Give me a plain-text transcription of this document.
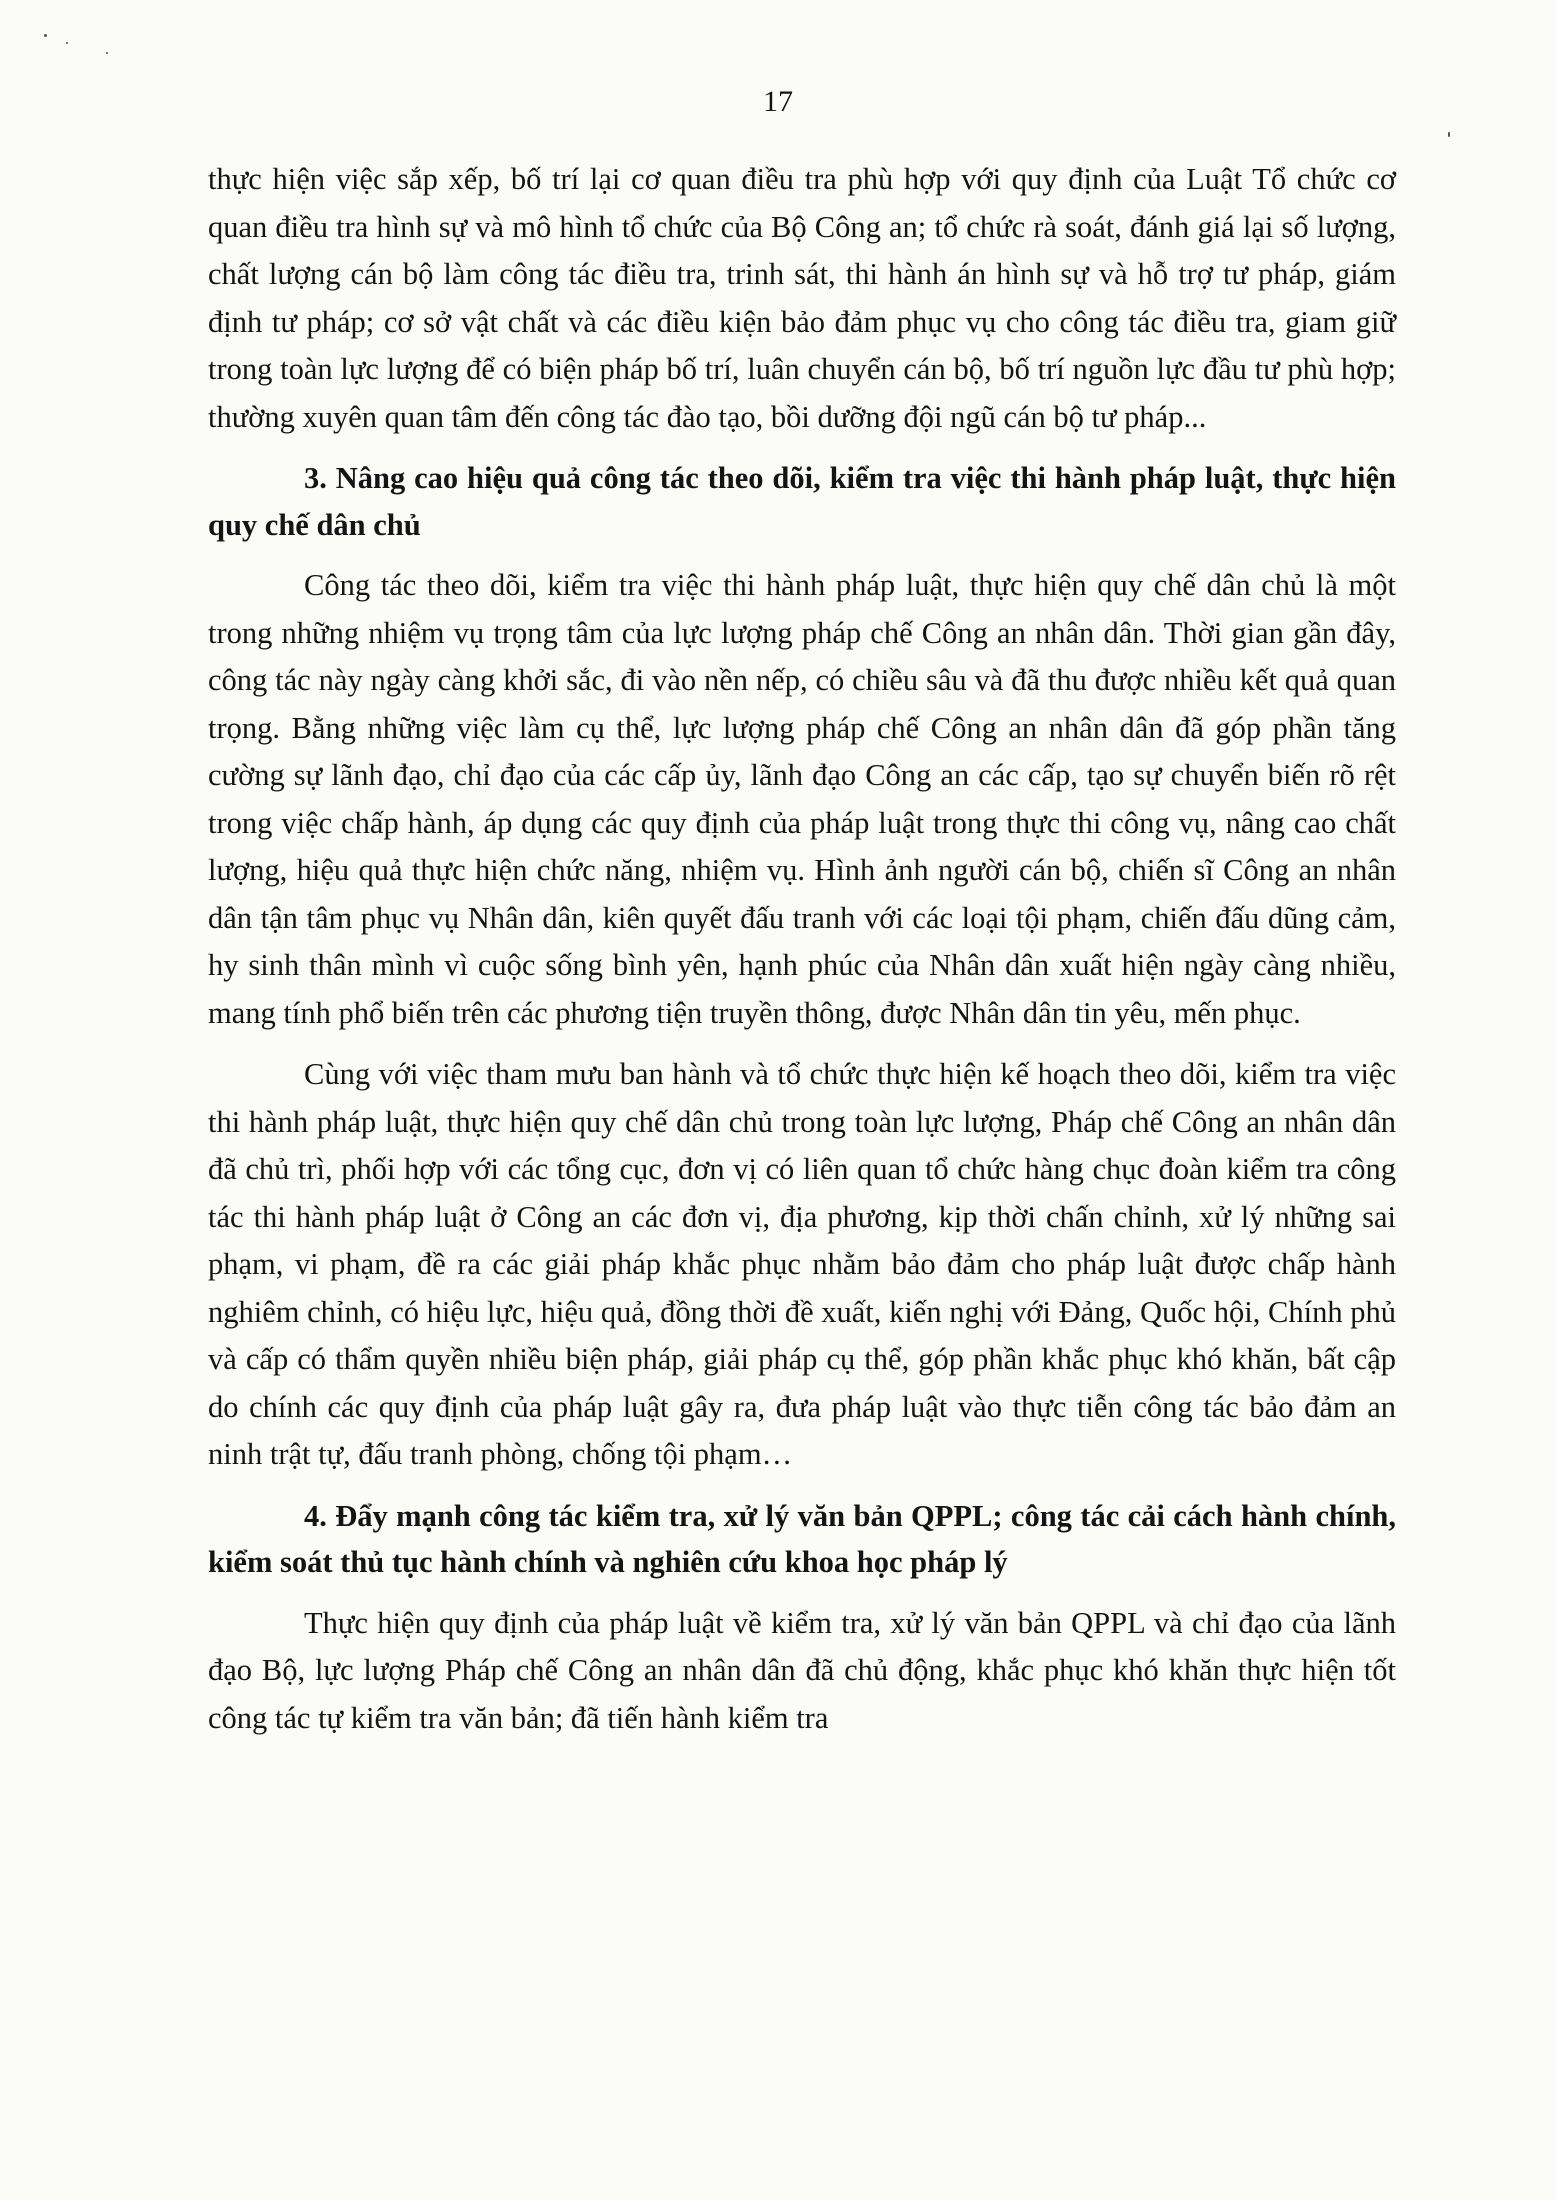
17

thực hiện việc sắp xếp, bố trí lại cơ quan điều tra phù hợp với quy định của Luật Tổ chức cơ quan điều tra hình sự và mô hình tổ chức của Bộ Công an; tổ chức rà soát, đánh giá lại số lượng, chất lượng cán bộ làm công tác điều tra, trinh sát, thi hành án hình sự và hỗ trợ tư pháp, giám định tư pháp; cơ sở vật chất và các điều kiện bảo đảm phục vụ cho công tác điều tra, giam giữ trong toàn lực lượng để có biện pháp bố trí, luân chuyển cán bộ, bố trí nguồn lực đầu tư phù hợp; thường xuyên quan tâm đến công tác đào tạo, bồi dưỡng đội ngũ cán bộ tư pháp...

3. Nâng cao hiệu quả công tác theo dõi, kiểm tra việc thi hành pháp luật, thực hiện quy chế dân chủ

Công tác theo dõi, kiểm tra việc thi hành pháp luật, thực hiện quy chế dân chủ là một trong những nhiệm vụ trọng tâm của lực lượng pháp chế Công an nhân dân. Thời gian gần đây, công tác này ngày càng khởi sắc, đi vào nền nếp, có chiều sâu và đã thu được nhiều kết quả quan trọng. Bằng những việc làm cụ thể, lực lượng pháp chế Công an nhân dân đã góp phần tăng cường sự lãnh đạo, chỉ đạo của các cấp ủy, lãnh đạo Công an các cấp, tạo sự chuyển biến rõ rệt trong việc chấp hành, áp dụng các quy định của pháp luật trong thực thi công vụ, nâng cao chất lượng, hiệu quả thực hiện chức năng, nhiệm vụ. Hình ảnh người cán bộ, chiến sĩ Công an nhân dân tận tâm phục vụ Nhân dân, kiên quyết đấu tranh với các loại tội phạm, chiến đấu dũng cảm, hy sinh thân mình vì cuộc sống bình yên, hạnh phúc của Nhân dân xuất hiện ngày càng nhiều, mang tính phổ biến trên các phương tiện truyền thông, được Nhân dân tin yêu, mến phục.

Cùng với việc tham mưu ban hành và tổ chức thực hiện kế hoạch theo dõi, kiểm tra việc thi hành pháp luật, thực hiện quy chế dân chủ trong toàn lực lượng, Pháp chế Công an nhân dân đã chủ trì, phối hợp với các tổng cục, đơn vị có liên quan tổ chức hàng chục đoàn kiểm tra công tác thi hành pháp luật ở Công an các đơn vị, địa phương, kịp thời chấn chỉnh, xử lý những sai phạm, vi phạm, đề ra các giải pháp khắc phục nhằm bảo đảm cho pháp luật được chấp hành nghiêm chỉnh, có hiệu lực, hiệu quả, đồng thời đề xuất, kiến nghị với Đảng, Quốc hội, Chính phủ và cấp có thẩm quyền nhiều biện pháp, giải pháp cụ thể, góp phần khắc phục khó khăn, bất cập do chính các quy định của pháp luật gây ra, đưa pháp luật vào thực tiễn công tác bảo đảm an ninh trật tự, đấu tranh phòng, chống tội phạm…

4. Đẩy mạnh công tác kiểm tra, xử lý văn bản QPPL; công tác cải cách hành chính, kiểm soát thủ tục hành chính và nghiên cứu khoa học pháp lý

Thực hiện quy định của pháp luật về kiểm tra, xử lý văn bản QPPL và chỉ đạo của lãnh đạo Bộ, lực lượng Pháp chế Công an nhân dân đã chủ động, khắc phục khó khăn thực hiện tốt công tác tự kiểm tra văn bản; đã tiến hành kiểm tra
